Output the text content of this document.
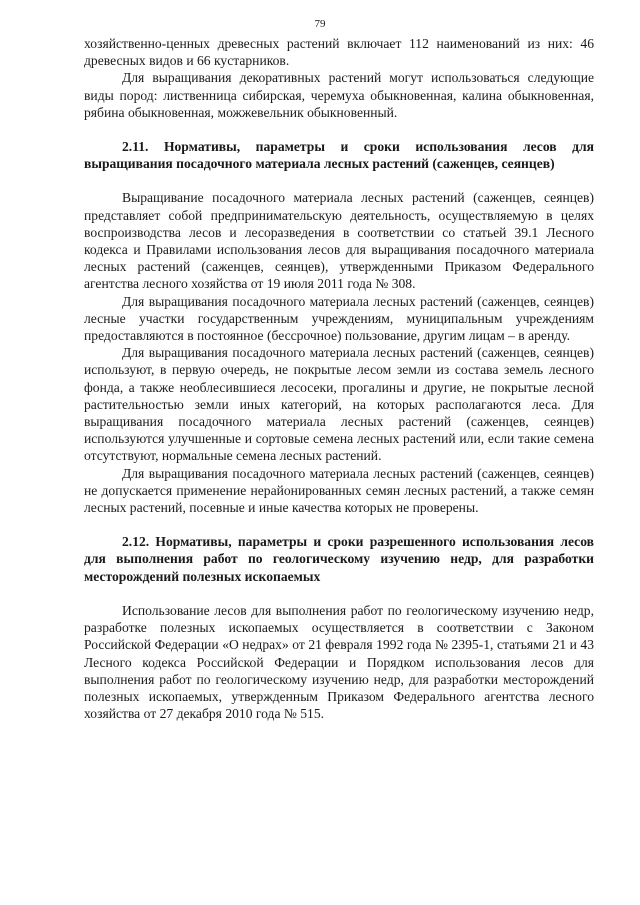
79

хозяйственно-ценных древесных растений включает 112 наименований из них: 46 древесных видов и 66 кустарников.

Для выращивания декоративных растений могут использоваться следующие виды пород: лиственница сибирская, черемуха обыкновенная, калина обыкновенная, рябина обыкновенная, можжевельник обыкновенный.

2.11. Нормативы, параметры и сроки использования лесов для выращивания посадочного материала лесных растений (саженцев, сеянцев)

Выращивание посадочного материала лесных растений (саженцев, сеянцев) представляет собой предпринимательскую деятельность, осуществляемую в целях воспроизводства лесов и лесоразведения в соответствии со статьей 39.1 Лесного кодекса и Правилами использования лесов для выращивания посадочного материала лесных растений (саженцев, сеянцев), утвержденными Приказом Федерального агентства лесного хозяйства от 19 июля 2011 года № 308.

Для выращивания посадочного материала лесных растений (саженцев, сеянцев) лесные участки государственным учреждениям, муниципальным учреждениям предоставляются в постоянное (бессрочное) пользование, другим лицам – в аренду.

Для выращивания посадочного материала лесных растений (саженцев, сеянцев) используют, в первую очередь, не покрытые лесом земли из состава земель лесного фонда, а также необлесившиеся лесосеки, прогалины и другие, не покрытые лесной растительностью земли иных категорий, на которых располагаются леса. Для выращивания посадочного материала лесных растений (саженцев, сеянцев) используются улучшенные и сортовые семена лесных растений или, если такие семена отсутствуют, нормальные семена лесных растений.

Для выращивания посадочного материала лесных растений (саженцев, сеянцев) не допускается применение нерайонированных семян лесных растений, а также семян лесных растений, посевные и иные качества которых не проверены.

2.12. Нормативы, параметры и сроки разрешенного использования лесов для выполнения работ по геологическому изучению недр, для разработки месторождений полезных ископаемых

Использование лесов для выполнения работ по геологическому изучению недр, разработке полезных ископаемых осуществляется в соответствии с Законом Российской Федерации «О недрах» от 21 февраля 1992 года № 2395-1, статьями 21 и 43 Лесного кодекса Российской Федерации и Порядком использования лесов для выполнения работ по геологическому изучению недр, для разработки месторождений полезных ископаемых, утвержденным Приказом Федерального агентства лесного хозяйства от 27 декабря 2010 года № 515.
